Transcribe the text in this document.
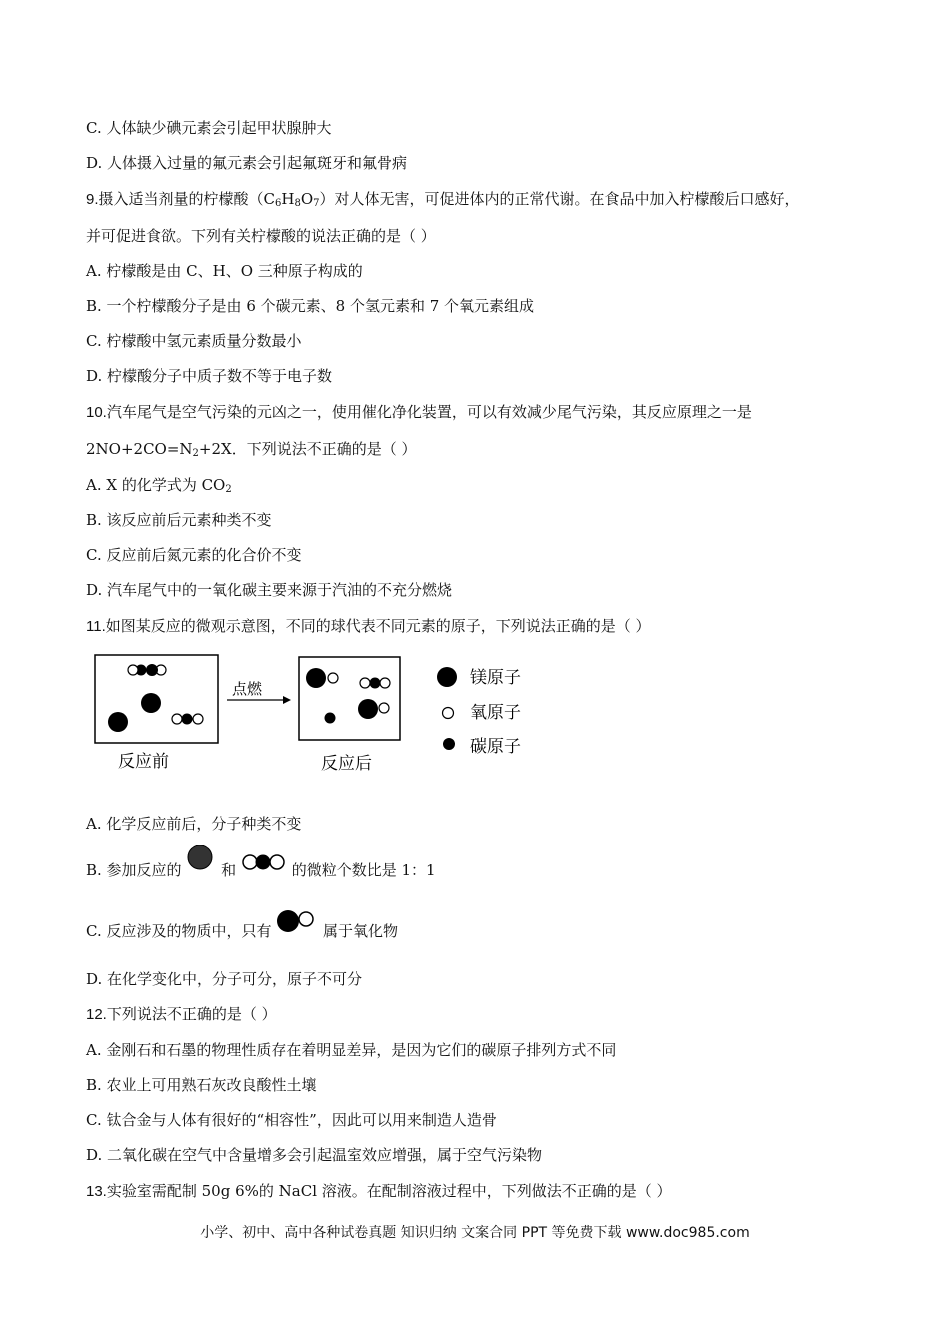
C. 人体缺少碘元素会引起甲状腺肿大
D. 人体摄入过量的氟元素会引起氟斑牙和氟骨病
9.摄入适当剂量的柠檬酸$(C_6H_8O_7)$对人体无害，可促进体内的正常代谢。在食品中加入柠檬酸后口感好，
并可促进食欲。下列有关柠檬酸的说法正确的是（ ）
A. 柠檬酸是由 C、H、O 三种原子构成的
B. 一个柠檬酸分子是由 6 个碳元素、8 个氢元素和 7 个氧元素组成
C. 柠檬酸中氢元素质量分数最小
D. 柠檬酸分子中质子数不等于电子数
10.汽车尾气是空气污染的元凶之一，使用催化净化装置，可以有效减少尾气污染，其反应原理之一是
$2NO+2CO=N_2+2X$．下列说法不正确的是（ ）
A. X 的化学式为 $CO_2$
B. 该反应前后元素种类不变
C. 反应前后氮元素的化合价不变
D. 汽车尾气中的一氧化碳主要来源于汽油的不充分燃烧
11.如图某反应的微观示意图，不同的球代表不同元素的原子，下列说法正确的是（ ）
点燃
反应前	反应后
镁原子
氧原子
碳原子
A. 化学反应前后，分子种类不变
B. 参加反应的	和	的微粒个数比是 1：1
C. 反应涉及的物质中，只有	属于氧化物
D. 在化学变化中，分子可分，原子不可分
12.下列说法不正确的是（ ）
A. 金刚石和石墨的物理性质存在着明显差异，是因为它们的碳原子排列方式不同
B. 农业上可用熟石灰改良酸性土壤
C. 钛合金与人体有很好的“相容性”，因此可以用来制造人造骨
D. 二氧化碳在空气中含量增多会引起温室效应增强，属于空气污染物
13.实验室需配制 50g 6%的 NaCl 溶液。在配制溶液过程中，下列做法不正确的是（ ）
小学、初中、高中各种试卷真题 知识归纳 文案合同 PPT 等免费下载 www.doc985.com
